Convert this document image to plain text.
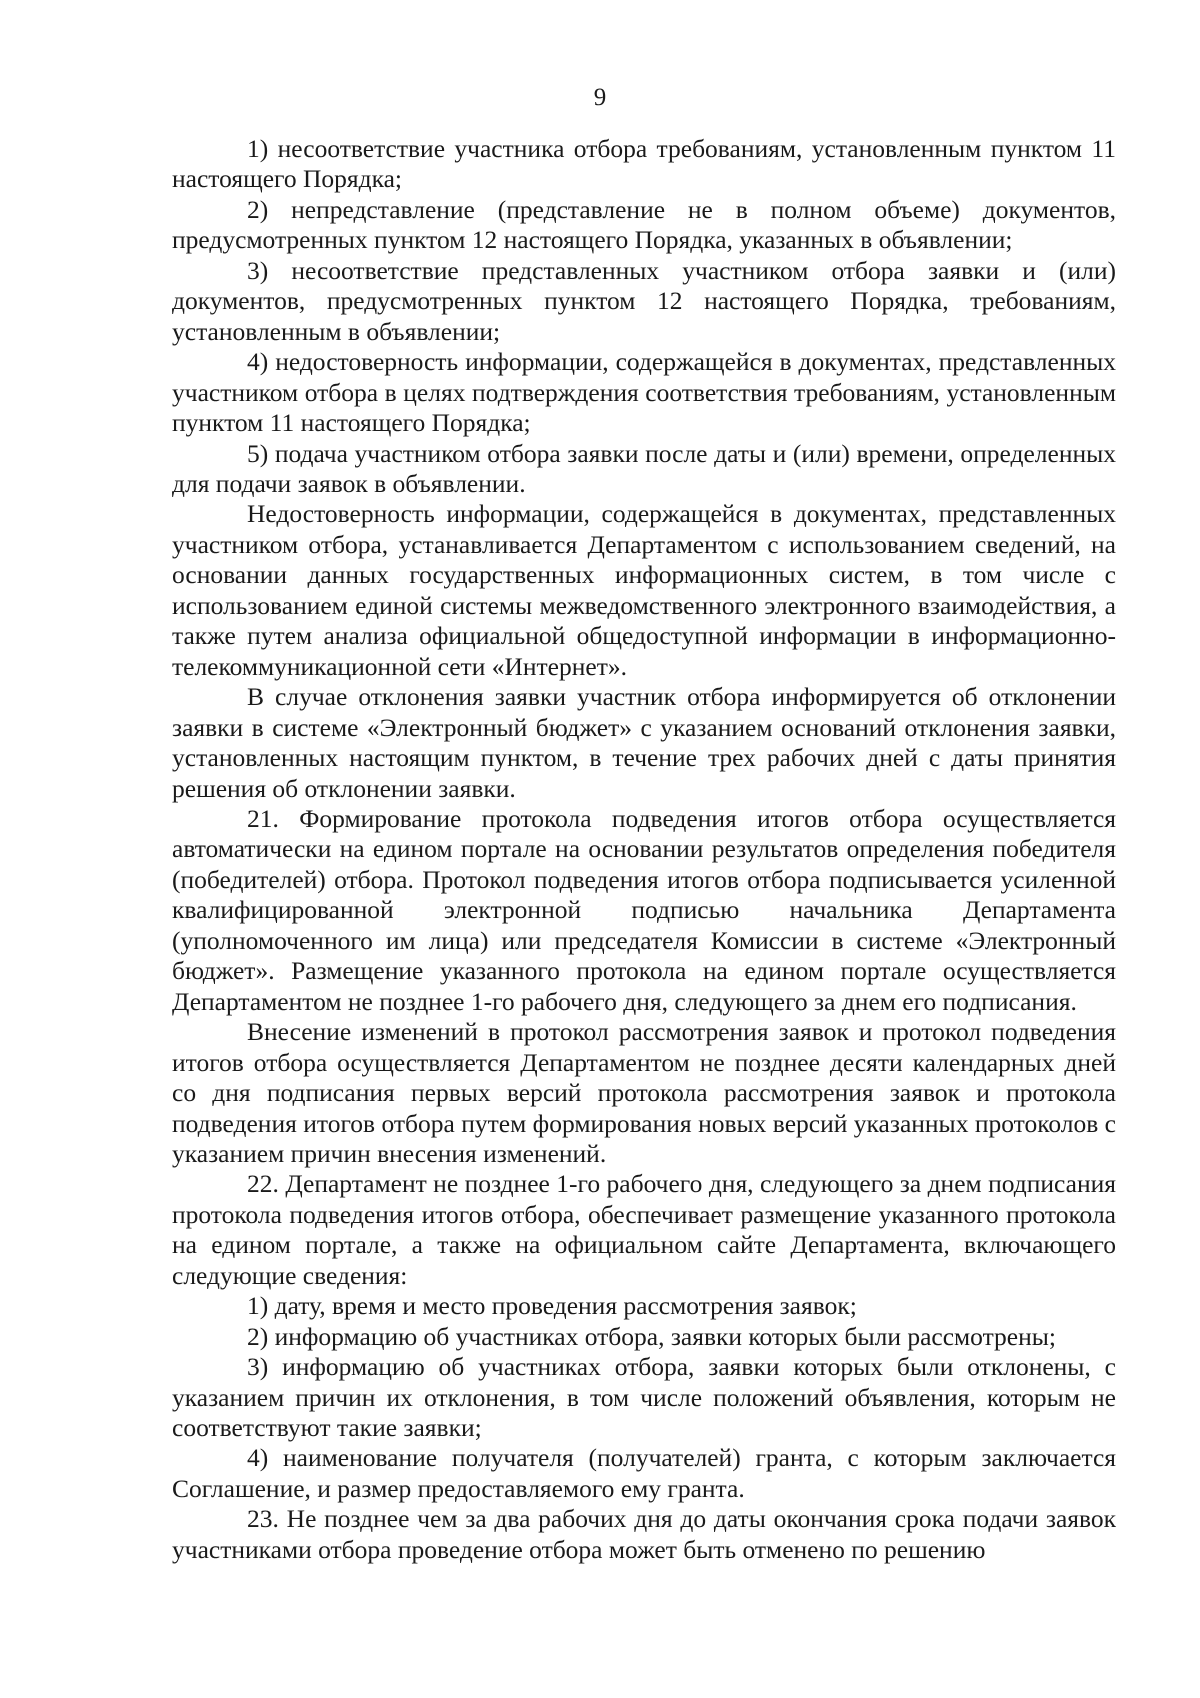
9

1) несоответствие участника отбора требованиям, установленным пунктом 11 настоящего Порядка;

2) непредставление (представление не в полном объеме) документов, предусмотренных пунктом 12 настоящего Порядка, указанных в объявлении;

3) несоответствие представленных участником отбора заявки и (или) документов, предусмотренных пунктом 12 настоящего Порядка, требованиям, установленным в объявлении;

4) недостоверность информации, содержащейся в документах, представленных участником отбора в целях подтверждения соответствия требованиям, установленным пунктом 11 настоящего Порядка;

5) подача участником отбора заявки после даты и (или) времени, определенных для подачи заявок в объявлении.

Недостоверность информации, содержащейся в документах, представленных участником отбора, устанавливается Департаментом с использованием сведений, на основании данных государственных информационных систем, в том числе с использованием единой системы межведомственного электронного взаимодействия, а также путем анализа официальной общедоступной информации в информационно-телекоммуникационной сети «Интернет».

В случае отклонения заявки участник отбора информируется об отклонении заявки в системе «Электронный бюджет» с указанием оснований отклонения заявки, установленных настоящим пунктом, в течение трех рабочих дней с даты принятия решения об отклонении заявки.

21. Формирование протокола подведения итогов отбора осуществляется автоматически на едином портале на основании результатов определения победителя (победителей) отбора. Протокол подведения итогов отбора подписывается усиленной квалифицированной электронной подписью начальника Департамента (уполномоченного им лица) или председателя Комиссии в системе «Электронный бюджет». Размещение указанного протокола на едином портале осуществляется Департаментом не позднее 1-го рабочего дня, следующего за днем его подписания.

Внесение изменений в протокол рассмотрения заявок и протокол подведения итогов отбора осуществляется Департаментом не позднее десяти календарных дней со дня подписания первых версий протокола рассмотрения заявок и протокола подведения итогов отбора путем формирования новых версий указанных протоколов с указанием причин внесения изменений.

22. Департамент не позднее 1-го рабочего дня, следующего за днем подписания протокола подведения итогов отбора, обеспечивает размещение указанного протокола на едином портале, а также на официальном сайте Департамента, включающего следующие сведения:

1) дату, время и место проведения рассмотрения заявок;

2) информацию об участниках отбора, заявки которых были рассмотрены;

3) информацию об участниках отбора, заявки которых были отклонены, с указанием причин их отклонения, в том числе положений объявления, которым не соответствуют такие заявки;

4) наименование получателя (получателей) гранта, с которым заключается Соглашение, и размер предоставляемого ему гранта.

23. Не позднее чем за два рабочих дня до даты окончания срока подачи заявок участниками отбора проведение отбора может быть отменено по решению
